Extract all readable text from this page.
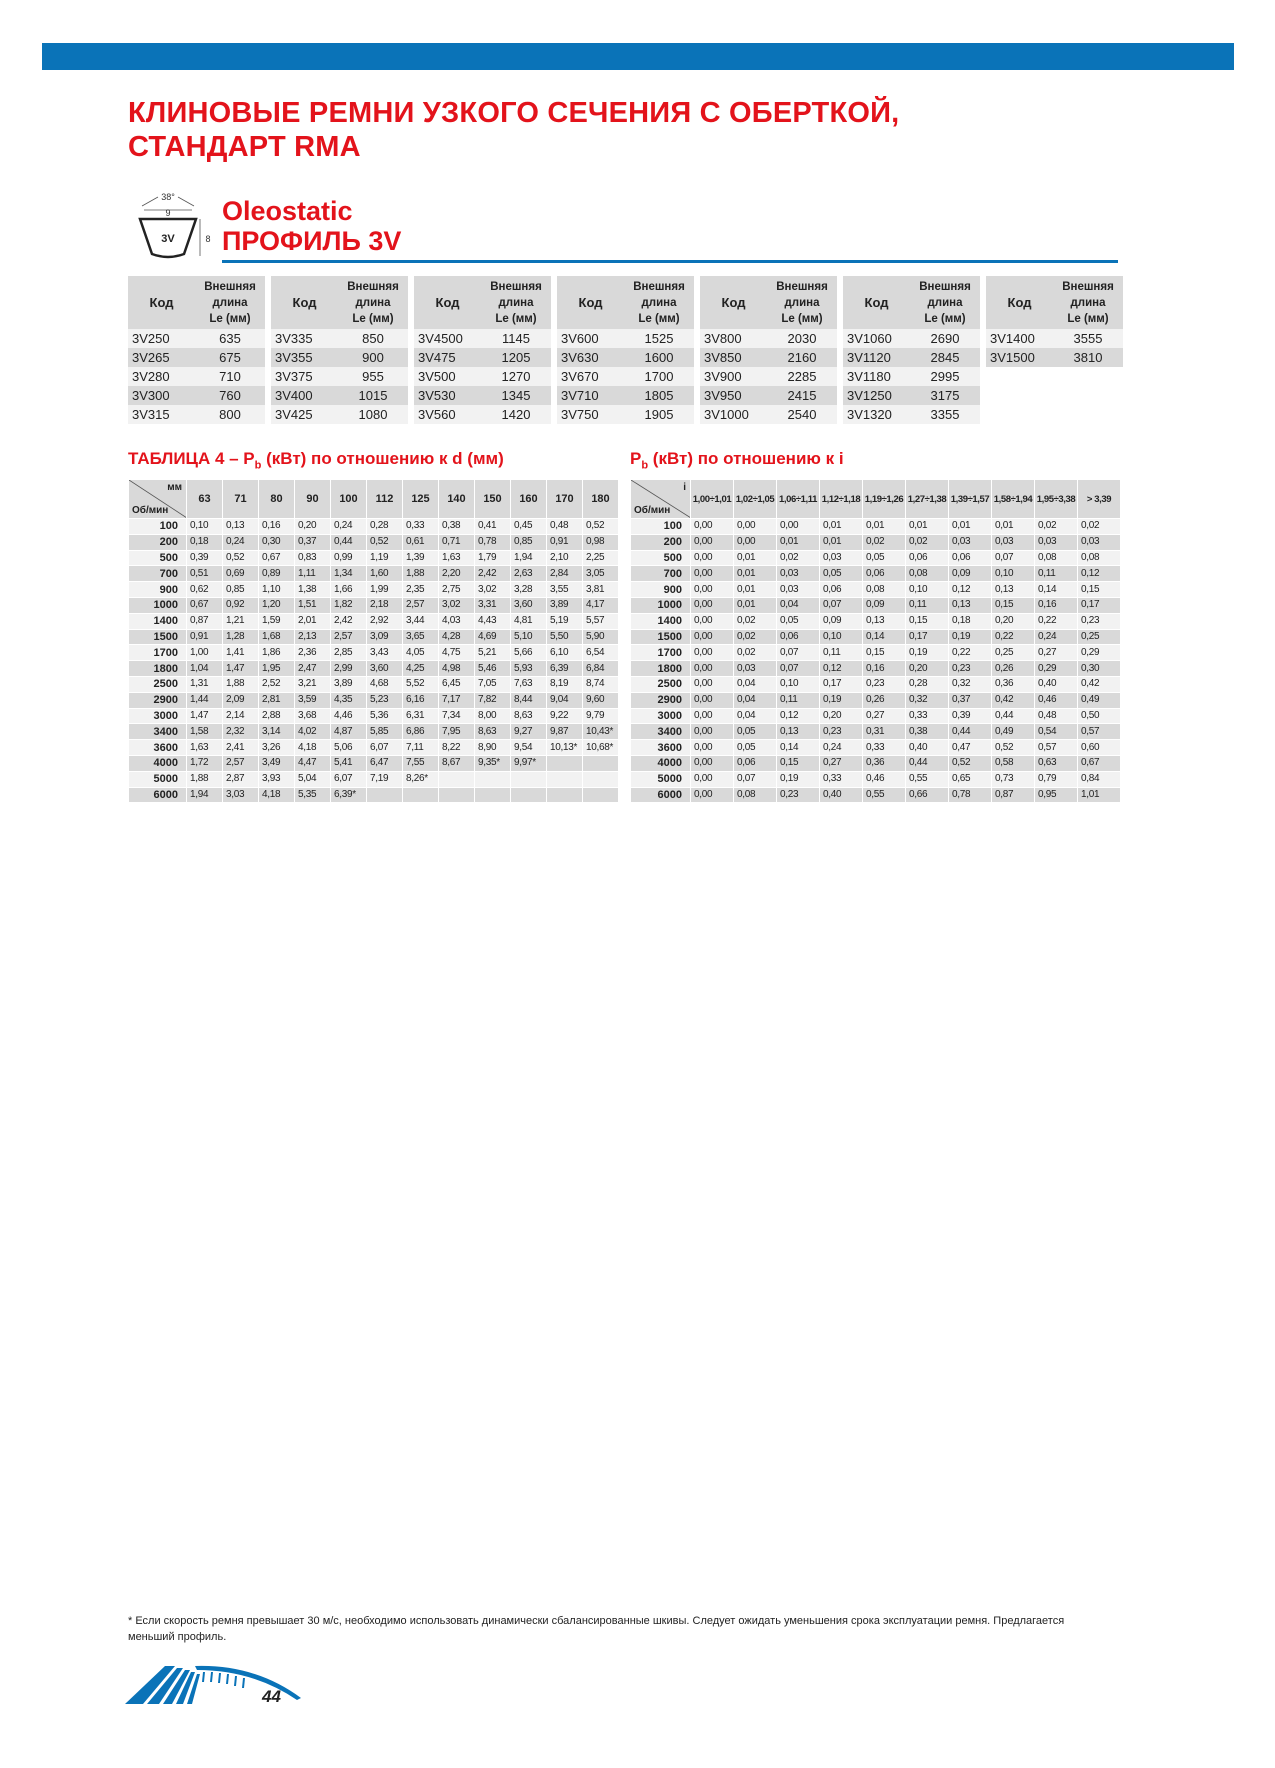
КЛИНОВЫЕ РЕМНИ УЗКОГО СЕЧЕНИЯ С ОБЕРТКОЙ,
СТАНДАРТ RMA
38°
9
3V	8
Oleostatic
ПРОФИЛЬ 3V
Код	Внешняя
длина
Le (мм)

3V250	635
3V265	675
3V280	710
3V300	760
3V315	800
Код	Внешняя
длина
Le (мм)

3V335	850
3V355	900
3V375	955
3V400	1015
3V425	1080
Код	Внешняя
длина
Le (мм)

3V4500	1145
3V475	1205
3V500	1270
3V530	1345
3V560	1420
Код	Внешняя
длина
Le (мм)

3V600	1525
3V630	1600
3V670	1700
3V710	1805
3V750	1905
Код	Внешняя
длина
Le (мм)

3V800	2030
3V850	2160
3V900	2285
3V950	2415
3V1000	2540
Код	Внешняя
длина
Le (мм)

3V1060	2690
3V1120	2845
3V1180	2995
3V1250	3175
3V1320	3355
Код	Внешняя
длина
Le (мм)

3V1400	3555
3V1500	3810
ТАБЛИЦА $4 - P_b$ (кВт) по отношению к d (мм)	$P_b$ (кВт) по отношению к i
мм
Об/мин	63	71	80	90	100	112	125	140	150	160	170	180
100	0,10	0,13	0,16	0,20	0,24	0,28	0,33	0,38	0,41	0,45	0,48	0,52
200	0,18	0,24	0,30	0,37	0,44	0,52	0,61	0,71	0,78	0,85	0,91	0,98
500	0,39	0,52	0,67	0,83	0,99	1,19	1,39	1,63	1,79	1,94	2,10	2,25
700	0,51	0,69	0,89	1,11	1,34	1,60	1,88	2,20	2,42	2,63	2,84	3,05
900	0,62	0,85	1,10	1,38	1,66	1,99	2,35	2,75	3,02	3,28	3,55	3,81
1000	0,67	0,92	1,20	1,51	1,82	2,18	2,57	3,02	3,31	3,60	3,89	4,17
1400	0,87	1,21	1,59	2,01	2,42	2,92	3,44	4,03	4,43	4,81	5,19	5,57
1500	0,91	1,28	1,68	2,13	2,57	3,09	3,65	4,28	4,69	5,10	5,50	5,90
1700	1,00	1,41	1,86	2,36	2,85	3,43	4,05	4,75	5,21	5,66	6,10	6,54
1800	1,04	1,47	1,95	2,47	2,99	3,60	4,25	4,98	5,46	5,93	6,39	6,84
2500	1,31	1,88	2,52	3,21	3,89	4,68	5,52	6,45	7,05	7,63	8,19	8,74
2900	1,44	2,09	2,81	3,59	4,35	5,23	6,16	7,17	7,82	8,44	9,04	9,60
3000	1,47	2,14	2,88	3,68	4,46	5,36	6,31	7,34	8,00	8,63	9,22	9,79
3400	1,58	2,32	3,14	4,02	4,87	5,85	6,86	7,95	8,63	9,27	9,87	10,43*
3600	1,63	2,41	3,26	4,18	5,06	6,07	7,11	8,22	8,90	9,54	10,13*	10,68*
4000	1,72	2,57	3,49	4,47	5,41	6,47	7,55	8,67	9,35*	9,97*		
5000	1,88	2,87	3,93	5,04	6,07	7,19	8,26*					
6000	1,94	3,03	4,18	5,35	6,39*							
i
Об/мин	1,00÷1,01	1,02÷1,05	1,06÷1,11	1,12÷1,18	1,19÷1,26	1,27÷1,38	1,39÷1,57	1,58÷1,94	1,95÷3,38	> 3,39
100	0,00	0,00	0,00	0,01	0,01	0,01	0,01	0,01	0,02	0,02
200	0,00	0,00	0,01	0,01	0,02	0,02	0,03	0,03	0,03	0,03
500	0,00	0,01	0,02	0,03	0,05	0,06	0,06	0,07	0,08	0,08
700	0,00	0,01	0,03	0,05	0,06	0,08	0,09	0,10	0,11	0,12
900	0,00	0,01	0,03	0,06	0,08	0,10	0,12	0,13	0,14	0,15
1000	0,00	0,01	0,04	0,07	0,09	0,11	0,13	0,15	0,16	0,17
1400	0,00	0,02	0,05	0,09	0,13	0,15	0,18	0,20	0,22	0,23
1500	0,00	0,02	0,06	0,10	0,14	0,17	0,19	0,22	0,24	0,25
1700	0,00	0,02	0,07	0,11	0,15	0,19	0,22	0,25	0,27	0,29
1800	0,00	0,03	0,07	0,12	0,16	0,20	0,23	0,26	0,29	0,30
2500	0,00	0,04	0,10	0,17	0,23	0,28	0,32	0,36	0,40	0,42
2900	0,00	0,04	0,11	0,19	0,26	0,32	0,37	0,42	0,46	0,49
3000	0,00	0,04	0,12	0,20	0,27	0,33	0,39	0,44	0,48	0,50
3400	0,00	0,05	0,13	0,23	0,31	0,38	0,44	0,49	0,54	0,57
3600	0,00	0,05	0,14	0,24	0,33	0,40	0,47	0,52	0,57	0,60
4000	0,00	0,06	0,15	0,27	0,36	0,44	0,52	0,58	0,63	0,67
5000	0,00	0,07	0,19	0,33	0,46	0,55	0,65	0,73	0,79	0,84
6000	0,00	0,08	0,23	0,40	0,55	0,66	0,78	0,87	0,95	1,01
* Если скорость ремня превышает 30 м/с, необходимо использовать динамически сбалансированные шкивы. Следует ожидать уменьшения срока эксплуатации ремня. Предлагается меньший профиль.
44
